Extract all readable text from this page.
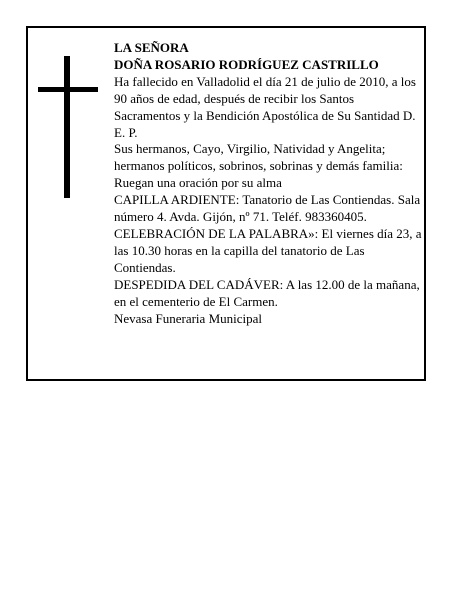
LA SEÑORA

DOÑA ROSARIO RODRÍGUEZ CASTRILLO

Ha fallecido en Valladolid el día 21 de julio de 2010, a los 90 años de edad, después de recibir los Santos Sacramentos y la Bendición Apostólica de Su Santidad D. E. P.

Sus hermanos, Cayo, Virgilio, Natividad y Angelita; hermanos políticos, sobrinos, sobrinas y demás familia:

Ruegan una oración por su alma

CAPILLA ARDIENTE: Tanatorio de Las Contiendas. Sala número 4. Avda. Gijón, nº 71. Teléf. 983360405.

CELEBRACIÓN DE LA PALABRA»: El viernes día 23, a las 10.30 horas en la capilla del tanatorio de Las Contiendas.

DESPEDIDA DEL CADÁVER: A las 12.00 de la mañana, en el cementerio de El Carmen.

Nevasa Funeraria Municipal
